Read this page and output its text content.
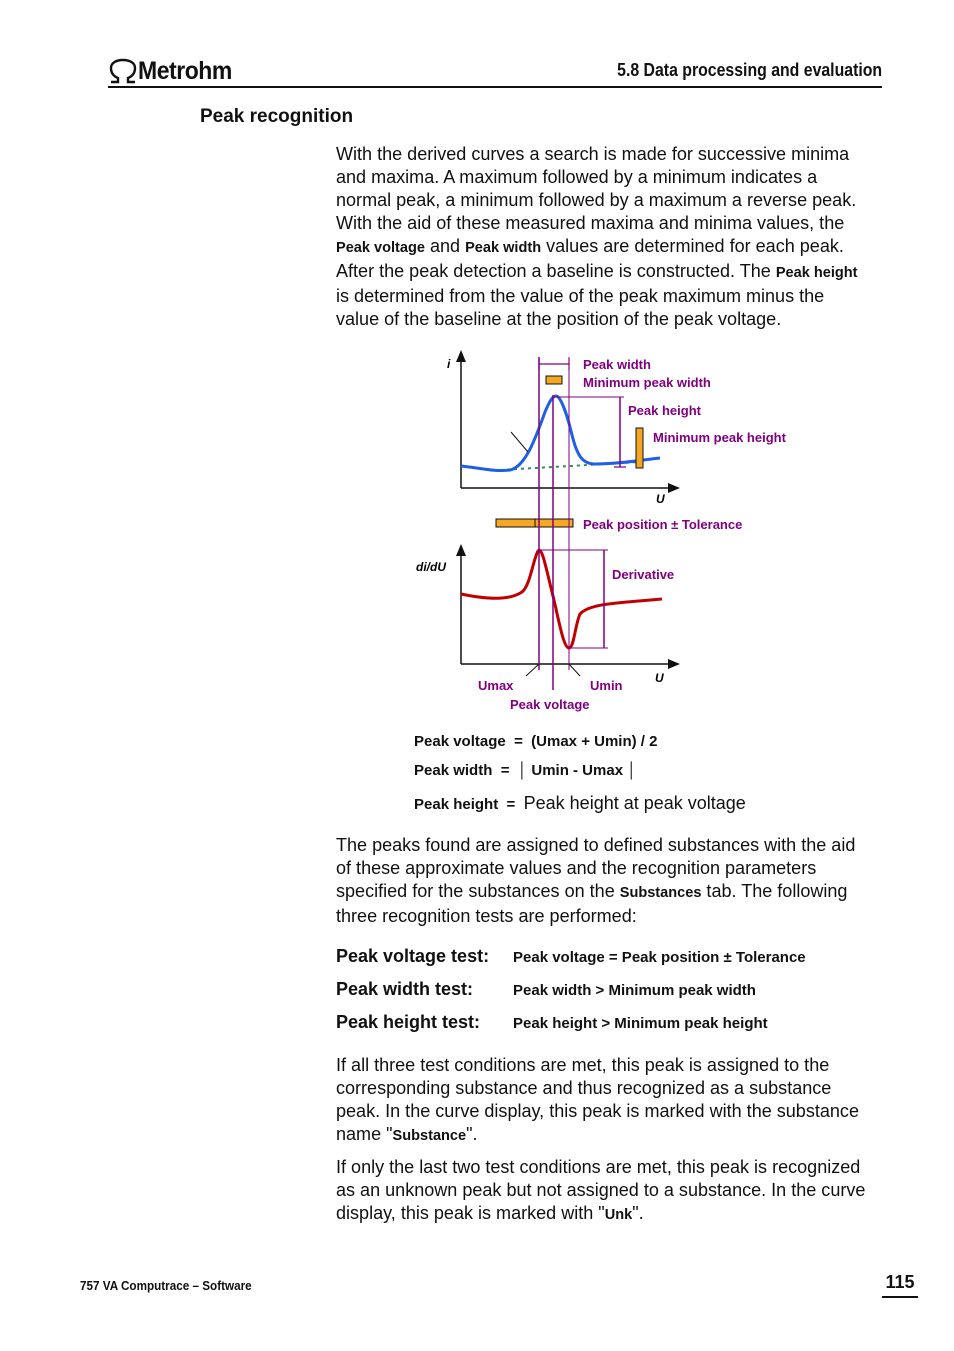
Metrohm	5.8 Data processing and evaluation
Peak recognition
With the derived curves a search is made for successive minima and maxima. A maximum followed by a minimum indicates a normal peak, a minimum followed by a maximum a reverse peak. With the aid of these measured maxima and minima values, the Peak voltage and Peak width values are determined for each peak. After the peak detection a baseline is constructed. The Peak height is determined from the value of the peak maximum minus the value of the baseline at the position of the peak voltage.
i
U
Peak width
Minimum peak width
Peak height
Minimum peak height
Peak position ± Tolerance
di/dU
U
Derivative
Umax	Umin
Peak voltage
Peak voltage = (Umax + Umin) / 2
Peak width = │ Umin - Umax │
Peak height  =  Peak height at peak voltage
The peaks found are assigned to defined substances with the aid of these approximate values and the recognition parameters specified for the substances on the Substances tab. The following three recognition tests are performed:
Peak voltage test: Peak voltage = Peak position ± Tolerance
Peak width test:	Peak width > Minimum peak width
Peak height test: Peak height > Minimum peak height
If all three test conditions are met, this peak is assigned to the corresponding substance and thus recognized as a substance peak. In the curve display, this peak is marked with the substance name "Substance".
If only the last two test conditions are met, this peak is recognized as an unknown peak but not assigned to a substance. In the curve display, this peak is marked with "Unk".
757 VA Computrace – Software	115
